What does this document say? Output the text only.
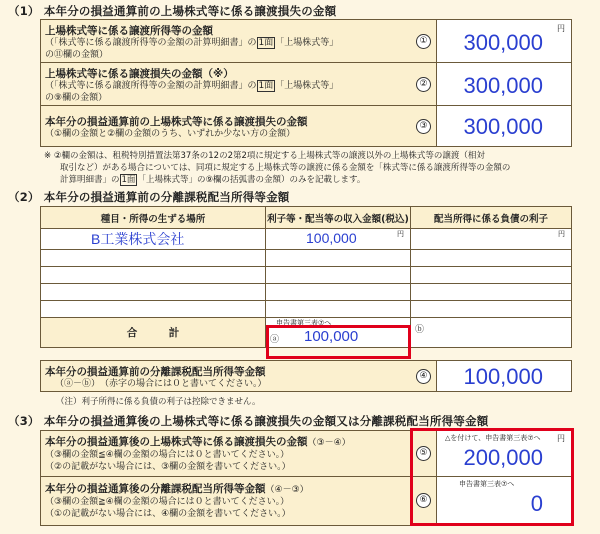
（1） 本年分の損益通算前の上場株式等に係る譲渡損失の金額
上場株式等に係る譲渡所得等の金額
（「株式等に係る譲渡所得等の金額の計算明細書」の 1面 「上場株式等」
の⑪欄の金額）
①
円
300,000
上場株式等に係る譲渡損失の金額（※）
（「株式等に係る譲渡所得等の金額の計算明細書」の 1面 「上場株式等」
の⑨欄の金額）
② 300,000
本年分の損益通算前の上場株式等に係る譲渡損失の金額
（①欄の金額と②欄の金額のうち、いずれか少ない方の金額）
③ 300,000
※ ②欄の金額は、租税特別措置法第37条の12の2第2項に規定する上場株式等の譲渡以外の上場株式等の譲渡（相対
取引など）がある場合については、同項に規定する上場株式等の譲渡に係る金額を「株式等に係る譲渡所得等の金額の
計算明細書」の 1面 「上場株式等」の⑨欄の括弧書の金額）のみを記載します。
（2） 本年分の損益通算前の分離課税配当所得等金額
種目・所得の生ずる場所	利子等・配当等の収入金額(税込)	配当所得に係る負債の利子
B工業株式会社	100,000 円	円

合　　　計	申告書第三表⑦へ
ⓐ 100,000	ⓑ
本年分の損益通算前の分離課税配当所得等金額
（ⓐ－ⓑ）　（赤字の場合には０と書いてください。）
④ 100,000
（注）利子所得に係る負債の利子は控除できません。
（3） 本年分の損益通算後の上場株式等に係る譲渡損失の金額又は分離課税配当所得等金額
本年分の損益通算後の上場株式等に係る譲渡損失の金額（③－④）
（③欄の金額≦④欄の金額の場合には０と書いてください。）
（②の記載がない場合には、③欄の金額を書いてください。）
⑤
△を付けて、申告書第三表⑦へ 円
200,000
本年分の損益通算後の分離課税配当所得等金額（④－③）
（③欄の金額≧④欄の金額の場合には０と書いてください。）
（①の記載がない場合には、④欄の金額を書いてください。）
⑥
申告書第三表⑦へ
0
